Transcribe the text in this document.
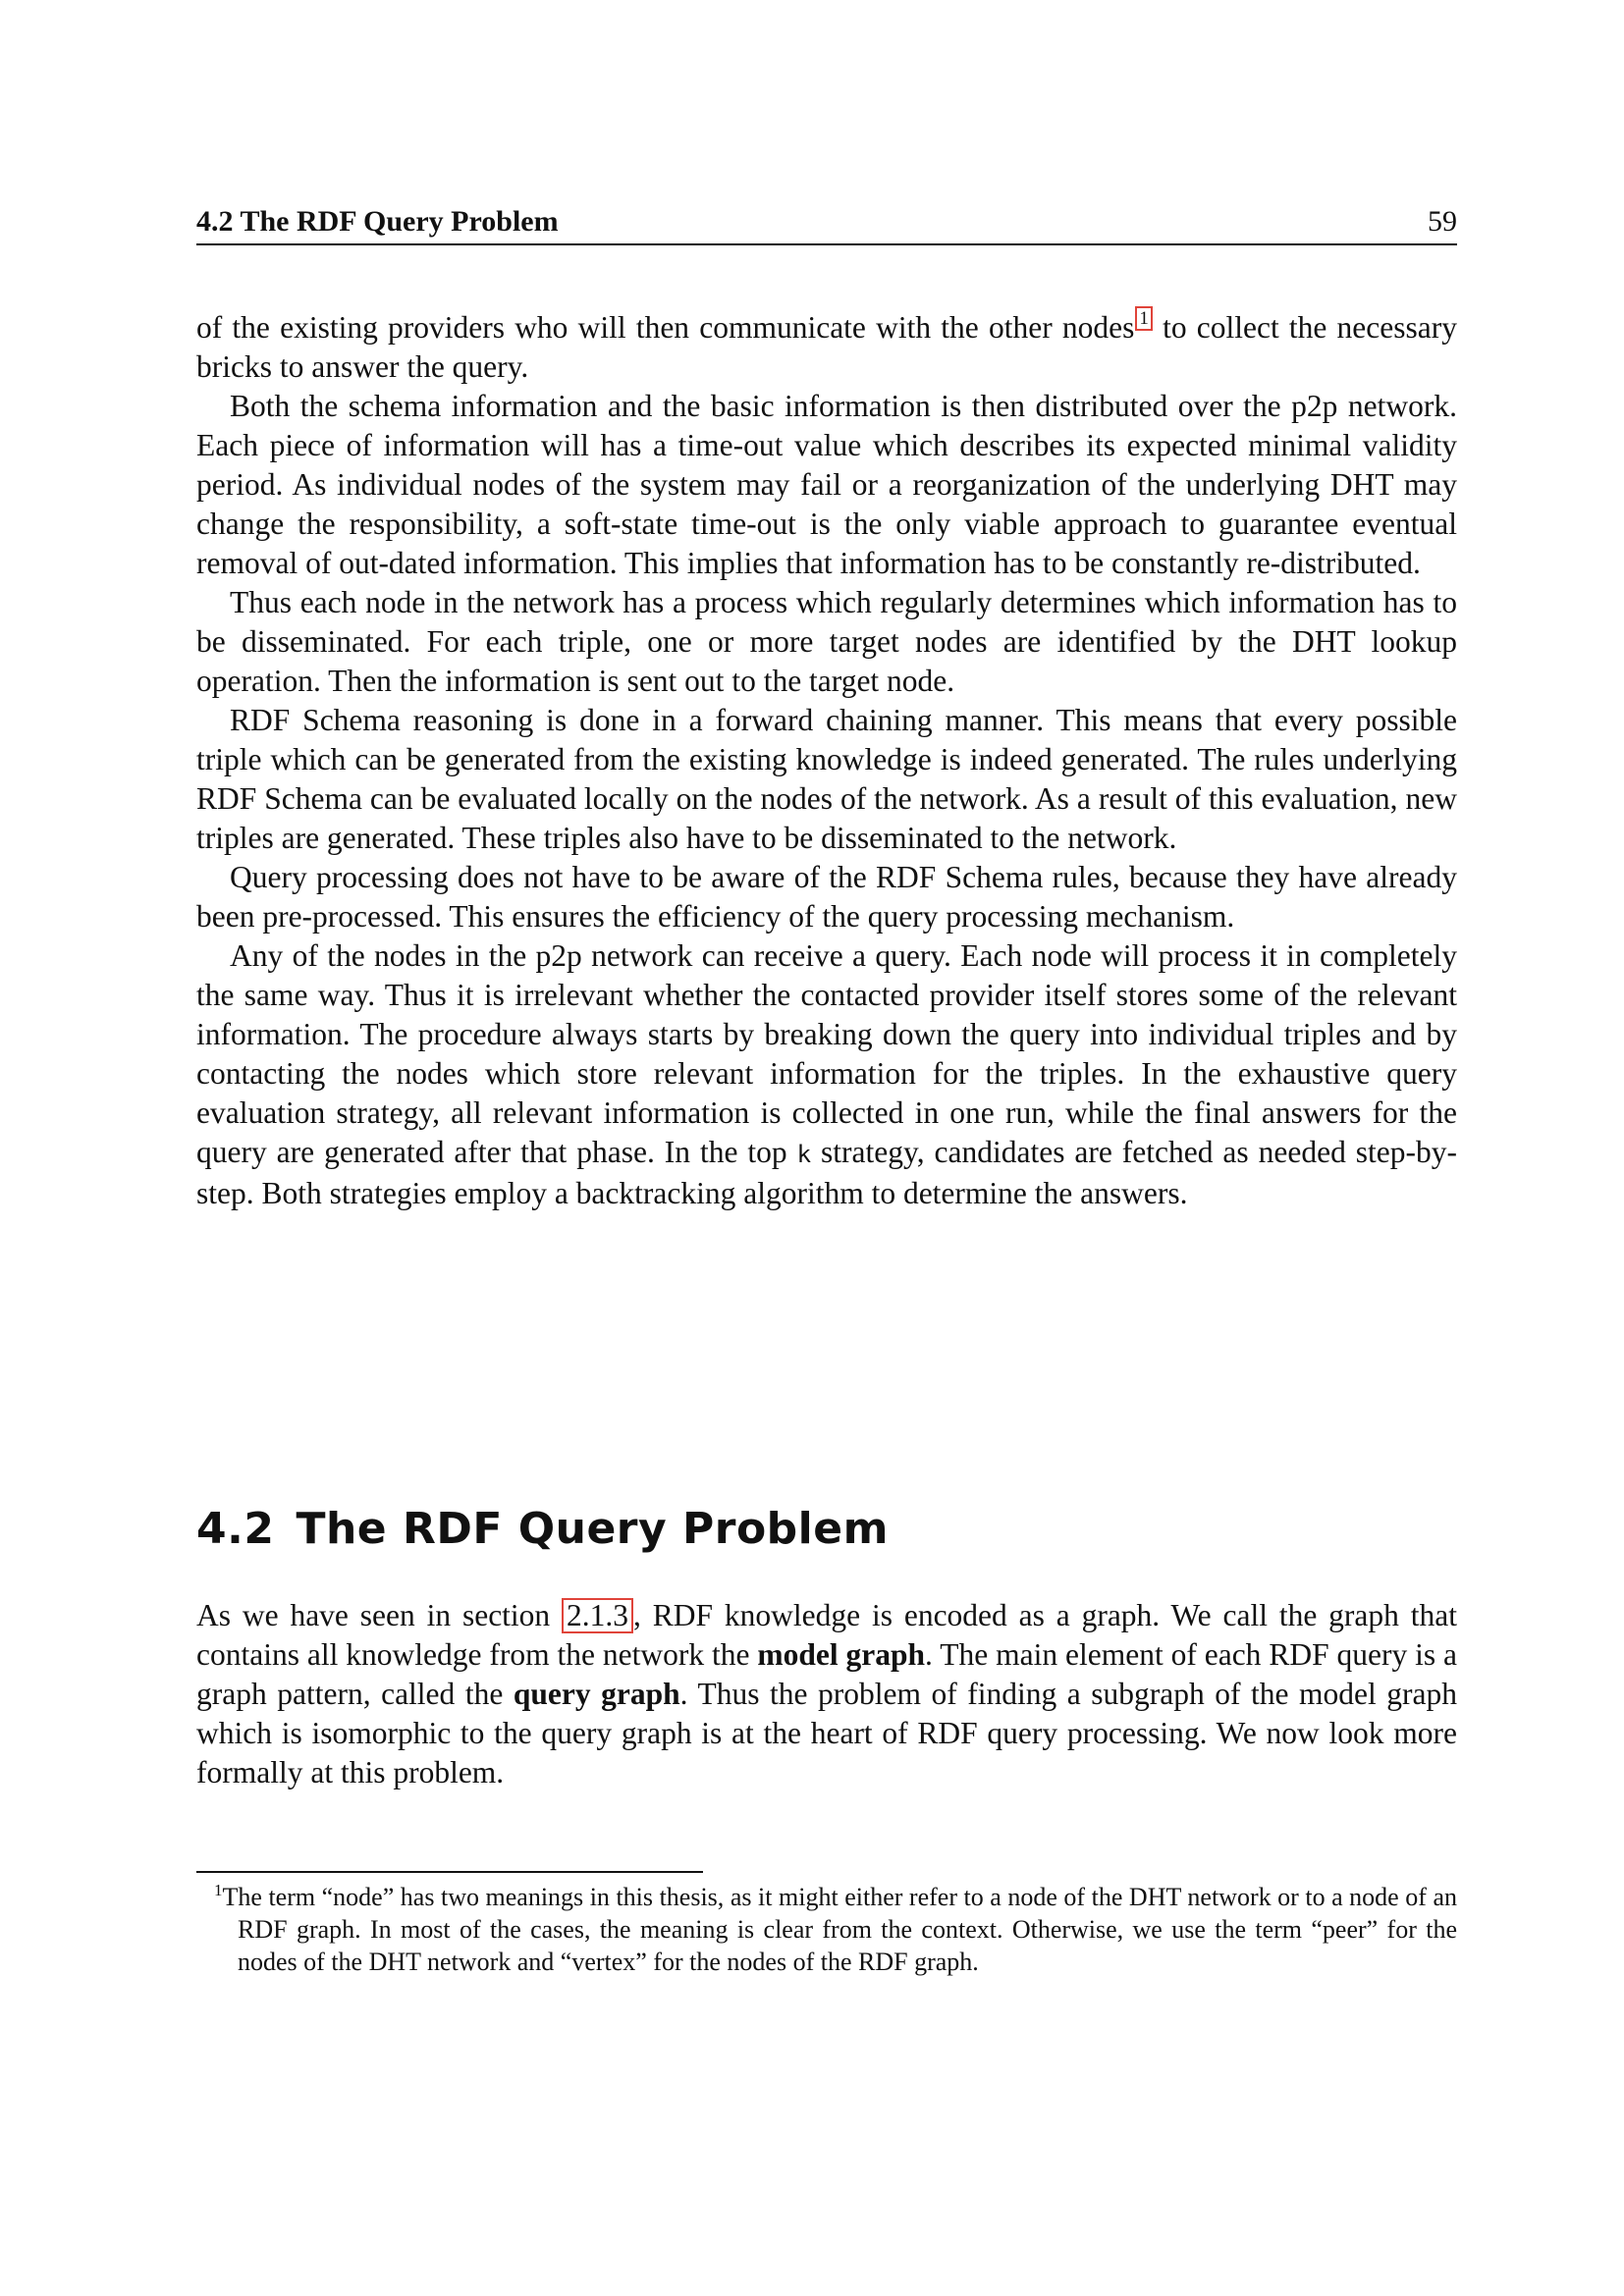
4.2 The RDF Query Problem	59

of the existing providers who will then communicate with the other nodes 1 to collect the necessary bricks to answer the query.

Both the schema information and the basic information is then distributed over the p2p network. Each piece of information will has a time-out value which describes its expected minimal validity period. As individual nodes of the system may fail or a reorganization of the underlying DHT may change the responsibility, a soft-state time-out is the only viable approach to guarantee eventual removal of out-dated information. This implies that information has to be constantly re-distributed.

Thus each node in the network has a process which regularly determines which information has to be disseminated. For each triple, one or more target nodes are identified by the DHT lookup operation. Then the information is sent out to the target node.

RDF Schema reasoning is done in a forward chaining manner. This means that every possible triple which can be generated from the existing knowledge is indeed generated. The rules underlying RDF Schema can be evaluated locally on the nodes of the network. As a result of this evaluation, new triples are generated. These triples also have to be disseminated to the network.

Query processing does not have to be aware of the RDF Schema rules, because they have already been pre-processed. This ensures the efficiency of the query processing mechanism.

Any of the nodes in the p2p network can receive a query. Each node will process it in completely the same way. Thus it is irrelevant whether the contacted provider itself stores some of the relevant information. The procedure always starts by breaking down the query into individual triples and by contacting the nodes which store relevant information for the triples. In the exhaustive query evaluation strategy, all relevant information is collected in one run, while the final answers for the query are generated after that phase. In the top k strategy, candidates are fetched as needed step-by-step. Both strategies employ a backtracking algorithm to determine the answers.

4.2 The RDF Query Problem

As we have seen in section 2.1.3 , RDF knowledge is encoded as a graph. We call the graph that contains all knowledge from the network the model graph. The main element of each RDF query is a graph pattern, called the query graph. Thus the problem of finding a subgraph of the model graph which is isomorphic to the query graph is at the heart of RDF query processing. We now look more formally at this problem.

$^1$The term “node” has two meanings in this thesis, as it might either refer to a node of the DHT network or to a node of an RDF graph. In most of the cases, the meaning is clear from the context. Otherwise, we use the term “peer” for the nodes of the DHT network and “vertex” for the nodes of the RDF graph.
